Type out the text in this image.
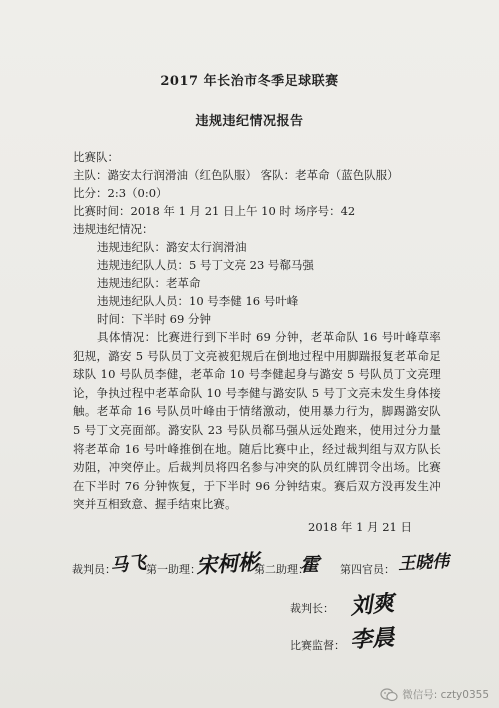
2017 年长治市冬季足球联赛
违规违纪情况报告
比赛队：
主队：潞安太行润滑油（红色队服） 客队：老革命（蓝色队服）
比分：2:3（0:0）
比赛时间：2018 年 1 月 21 日上午 10 时 场序号：42
违规违纪情况：
违规违纪队：潞安太行润滑油
违规违纪队人员：5 号丁文亮 23 号郗马强
违规违纪队：老革命
违规违纪队人员：10 号李健 16 号叶峰
时间：下半时 69 分钟
具体情况：比赛进行到下半时 69 分钟，老革命队 16 号叶峰草率犯规，潞安 5 号队员丁文亮被犯规后在倒地过程中用脚踹报复老革命足球队 10 号队员李健，老革命 10 号李健起身与潞安 5 号队员丁文亮理论，争执过程中老革命队 10 号李健与潞安队 5 号丁文亮未发生身体接触。老革命 16 号队员叶峰由于情绪激动，使用暴力行为，脚踢潞安队 5 号丁文亮面部。潞安队 23 号队员郗马强从远处跑来，使用过分力量将老革命 16 号叶峰推倒在地。随后比赛中止，经过裁判组与双方队长劝阻，冲突停止。后裁判员将四名参与冲突的队员红牌罚令出场。比赛在下半时 76 分钟恢复，于下半时 96 分钟结束。赛后双方没再发生冲突并互相致意、握手结束比赛。
2018 年 1 月 21 日
裁判员：
马飞
第一助理：
宋柯彬
第二助理：
霍 第四官员： 王晓伟
裁判长： 刘爽
比赛监督： 李晨
微信号: czty0355
